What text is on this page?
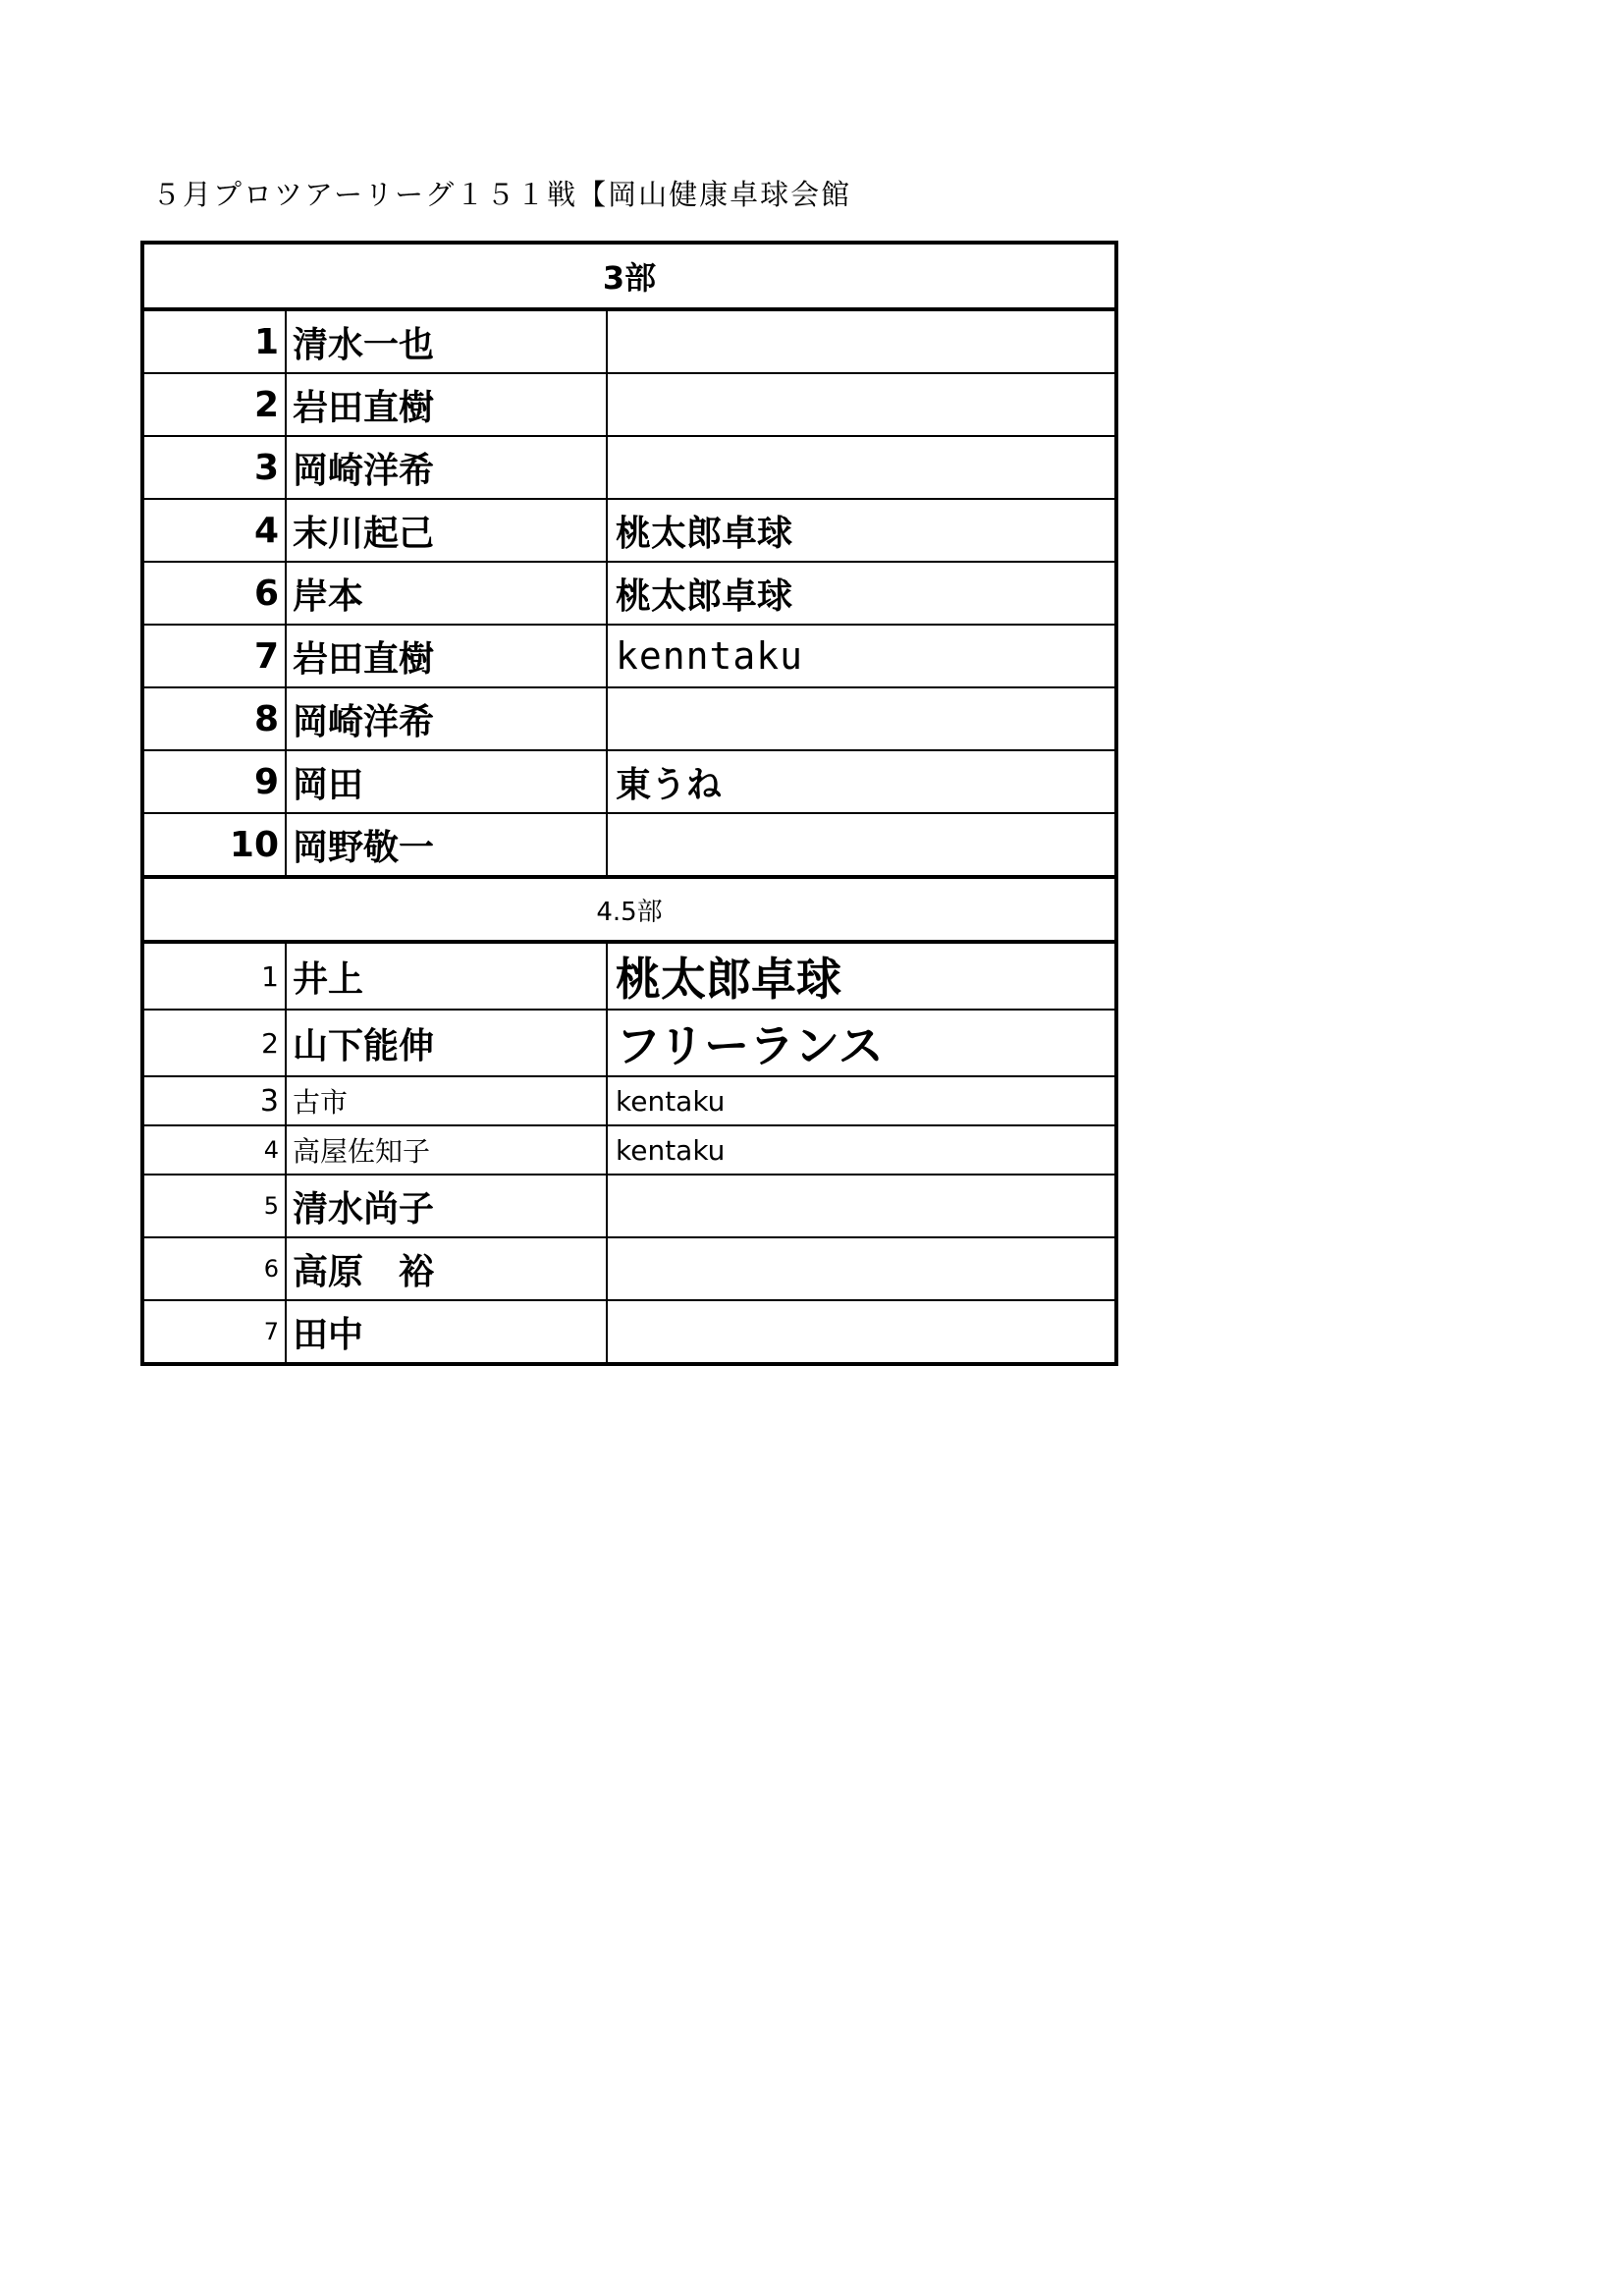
５月プロツアーリーグ１５１戦【岡山健康卓球会館
3部		
1	清水一也	
2	岩田直樹	
3	岡崎洋希	
4	末川起己	桃太郎卓球
6	岸本	桃太郎卓球
7	岩田直樹	kenntaku
8	岡崎洋希	
9	岡田	東うね
10	岡野敬一	
4.5部		
1	井上	桃太郎卓球
2	山下能伸	フリーランス
3	古市	kentaku
4	高屋佐知子	kentaku
5	清水尚子	
6	高原　裕	
7	田中	
